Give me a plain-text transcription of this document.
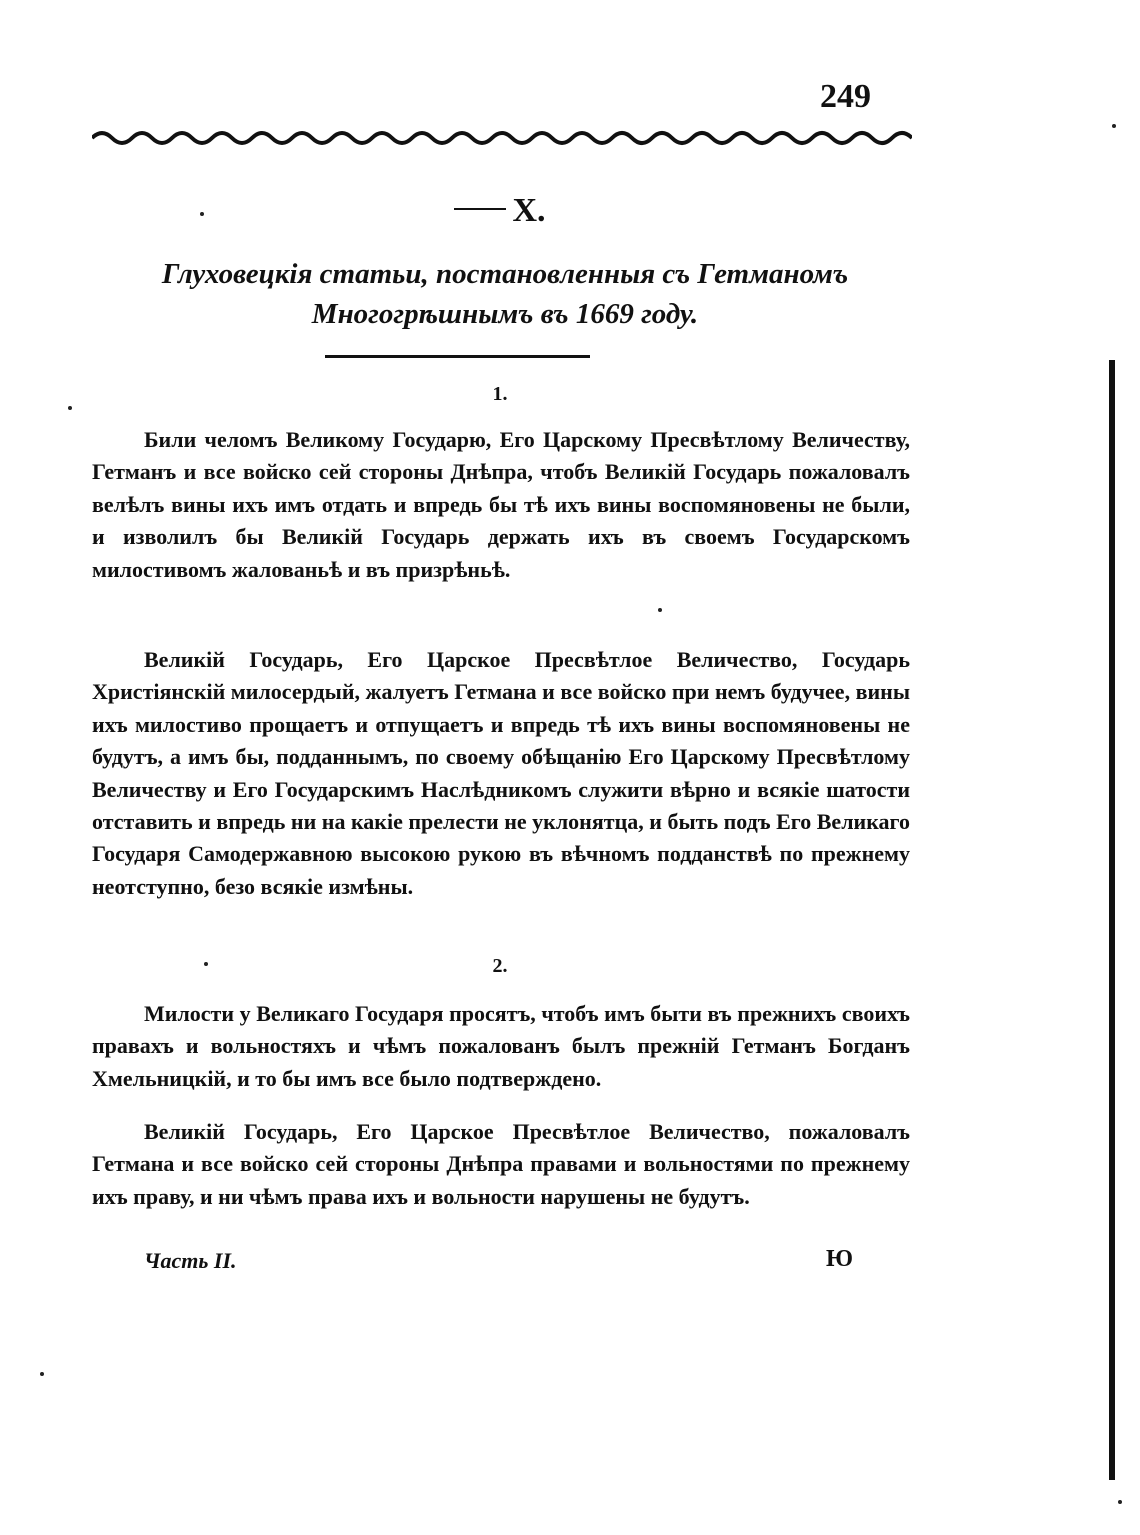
249
X.
Глуховецкія статьи, постановленныя съ Гетманомъ
Многогрѣшнымъ въ 1669 году.
1.

Били челомъ Великому Государю, Его Царскому Пресвѣтлому Величеству, Гетманъ и все войско сей стороны Днѣпра, чтобъ Великій Государь пожаловалъ велѣлъ вины ихъ имъ отдать и впредь бы тѣ ихъ вины воспомяновены не были, и изволилъ бы Великій Государь держать ихъ въ своемъ Государскомъ милостивомъ жалованьѣ и въ призрѣньѣ.

Великій Государь, Его Царское Пресвѣтлое Величество, Государь Христіянскій милосердый, жалуетъ Гетмана и все войско при немъ будучее, вины ихъ милостиво прощаетъ и отпущаетъ и впредь тѣ ихъ вины воспомяновены не будутъ, а имъ бы, подданнымъ, по своему обѣщанію Его Царскому Пресвѣтлому Величеству и Его Государскимъ Наслѣдникомъ служити вѣрно и всякіе шатости отставить и впредь ни на какіе прелести не уклонятца, и быть подъ Его Великаго Государя Самодержавною высокою рукою въ вѣчномъ подданствѣ по прежнему неотступно, безо всякіе измѣны.

2.

Милости у Великаго Государя просятъ, чтобъ имъ быти въ прежнихъ своихъ правахъ и вольностяхъ и чѣмъ пожалованъ былъ прежній Гетманъ Богданъ Хмельницкій, и то бы имъ все было подтверждено.

Великій Государь, Его Царское Пресвѣтлое Величество, пожаловалъ Гетмана и все войско сей стороны Днѣпра правами и вольностями по прежнему ихъ праву, и ни чѣмъ права ихъ и вольности нарушены не будутъ.

Часть II.	Ю
